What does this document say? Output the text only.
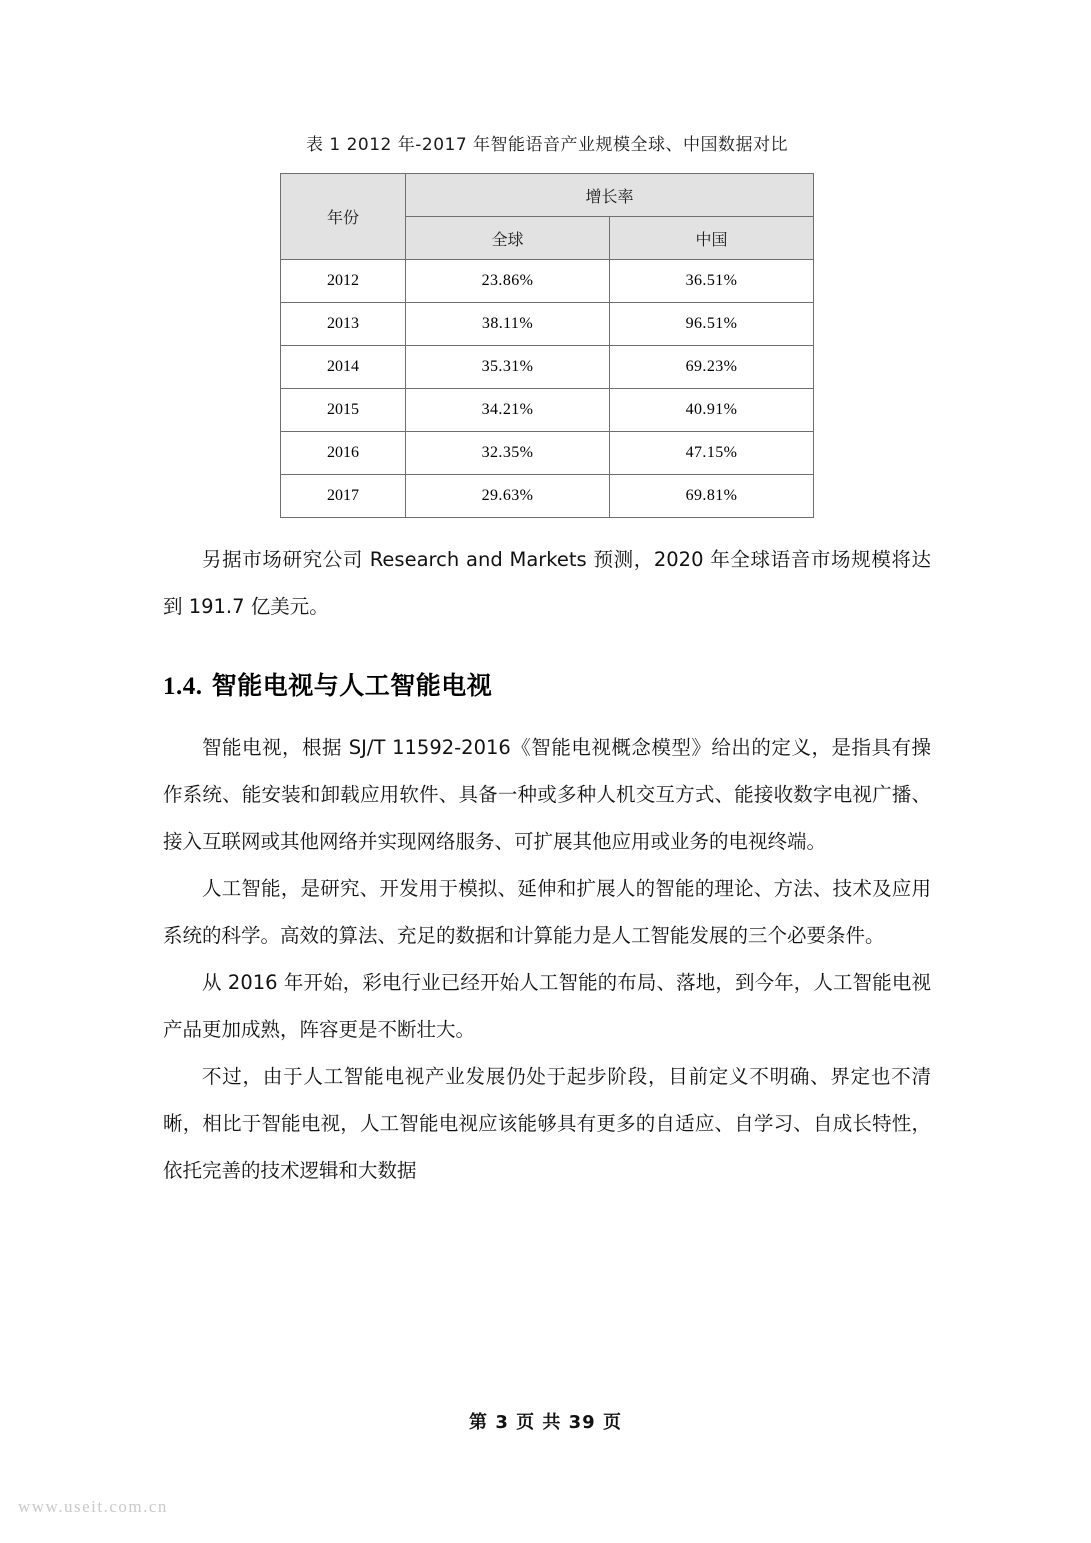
表 1 2012 年-2017 年智能语音产业规模全球、中国数据对比
年份	增长率	
	全球	中国
2012	23.86%	36.51%
2013	38.11%	96.51%
2014	35.31%	69.23%
2015	34.21%	40.91%
2016	32.35%	47.15%
2017	29.63%	69.81%

另据市场研究公司 Research and Markets 预测，2020 年全球语音市场规模将达到 191.7 亿美元。

1.4. 智能电视与人工智能电视

智能电视，根据 SJ/T 11592-2016《智能电视概念模型》给出的定义，是指具有操作系统、能安装和卸载应用软件、具备一种或多种人机交互方式、能接收数字电视广播、接入互联网或其他网络并实现网络服务、可扩展其他应用或业务的电视终端。

人工智能，是研究、开发用于模拟、延伸和扩展人的智能的理论、方法、技术及应用系统的科学。高效的算法、充足的数据和计算能力是人工智能发展的三个必要条件。

从 2016 年开始，彩电行业已经开始人工智能的布局、落地，到今年，人工智能电视产品更加成熟，阵容更是不断壮大。

不过，由于人工智能电视产业发展仍处于起步阶段，目前定义不明确、界定也不清晰，相比于智能电视，人工智能电视应该能够具有更多的自适应、自学习、自成长特性，依托完善的技术逻辑和大数据

第 3 页 共 39 页
www.useit.com.cn
